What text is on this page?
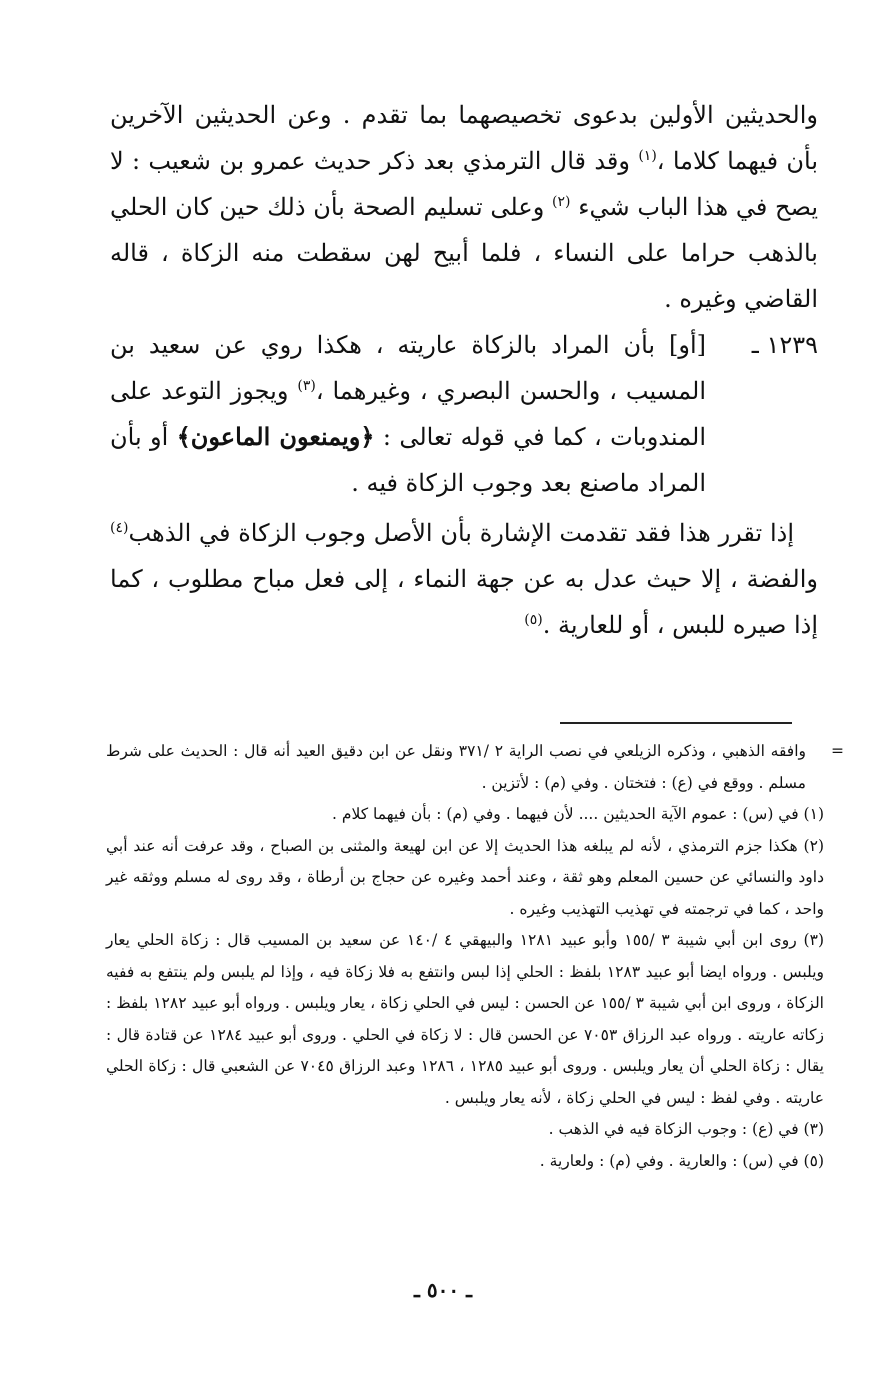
والحديثين الأولين بدعوى تخصيصهما بما تقدم . وعن الحديثين الآخرين بأن فيهما كلاما ،$^{(١)}$ وقد قال الترمذي بعد ذكر حديث عمرو بن شعيب : لا يصح في هذا الباب شيء $^{(٢)}$ وعلى تسليم الصحة بأن ذلك حين كان الحلي بالذهب حراما على النساء ، فلما أبيح لهن سقطت منه الزكاة ، قاله القاضي وغيره .

١٢٣٩ ـ

[أو] بأن المراد بالزكاة عاريته ، هكذا روي عن سعيد بن المسيب ، والحسن البصري ، وغيرهما ،$^{(٣)}$ ويجوز التوعد على المندوبات ، كما في قوله تعالى : ﴿ويمنعون الماعون﴾ أو بأن المراد ماصنع بعد وجوب الزكاة فيه .

إذا تقرر هذا فقد تقدمت الإشارة بأن الأصل وجوب الزكاة في الذهب$^{(٤)}$ والفضة ، إلا حيث عدل به عن جهة النماء ، إلى فعل مباح مطلوب ، كما إذا صيره للبس ، أو للعارية .$^{(٥)}$

=
وافقه الذهبي ، وذكره الزيلعي في نصب الراية ٢ /٣٧١ ونقل عن ابن دقيق العيد أنه قال : الحديث على شرط مسلم . ووقع في (ع) : فتختان . وفي (م) : لأتزين .

(١) في (س) : عموم الآية الحديثين .... لأن فيهما . وفي (م) : بأن فيهما كلام .

(٢) هكذا جزم الترمذي ، لأنه لم يبلغه هذا الحديث إلا عن ابن لهيعة والمثنى بن الصباح ، وقد عرفت أنه عند أبي داود والنسائي عن حسين المعلم وهو ثقة ، وعند أحمد وغيره عن حجاج بن أرطاة ، وقد روى له مسلم ووثقه غير واحد ، كما في ترجمته في تهذيب التهذيب وغيره .

(٣) روى ابن أبي شيبة ٣ /١٥٥ وأبو عبيد ١٢٨١ والبيهقي ٤ /١٤٠ عن سعيد بن المسيب قال : زكاة الحلي يعار ويلبس . ورواه ايضا أبو عبيد ١٢٨٣ بلفظ : الحلي إذا لبس وانتفع به فلا زكاة فيه ، وإذا لم يلبس ولم ينتفع به ففيه الزكاة ، وروى ابن أبي شيبة ٣ /١٥٥ عن الحسن : ليس في الحلي زكاة ، يعار ويلبس . ورواه أبو عبيد ١٢٨٢ بلفظ : زكاته عاريته . ورواه عبد الرزاق ٧٠٥٣ عن الحسن قال : لا زكاة في الحلي . وروى أبو عبيد ١٢٨٤ عن قتادة قال : يقال : زكاة الحلي أن يعار ويلبس . وروى أبو عبيد ١٢٨٥ ، ١٢٨٦ وعبد الرزاق ٧٠٤٥ عن الشعبي قال : زكاة الحلي عاريته . وفي لفظ : ليس في الحلي زكاة ، لأنه يعار ويلبس .

(٣) في (ع) : وجوب الزكاة فيه في الذهب .

(٥) في (س) : والعارية . وفي (م) : ولعارية .

ـ ٥٠٠ ـ
